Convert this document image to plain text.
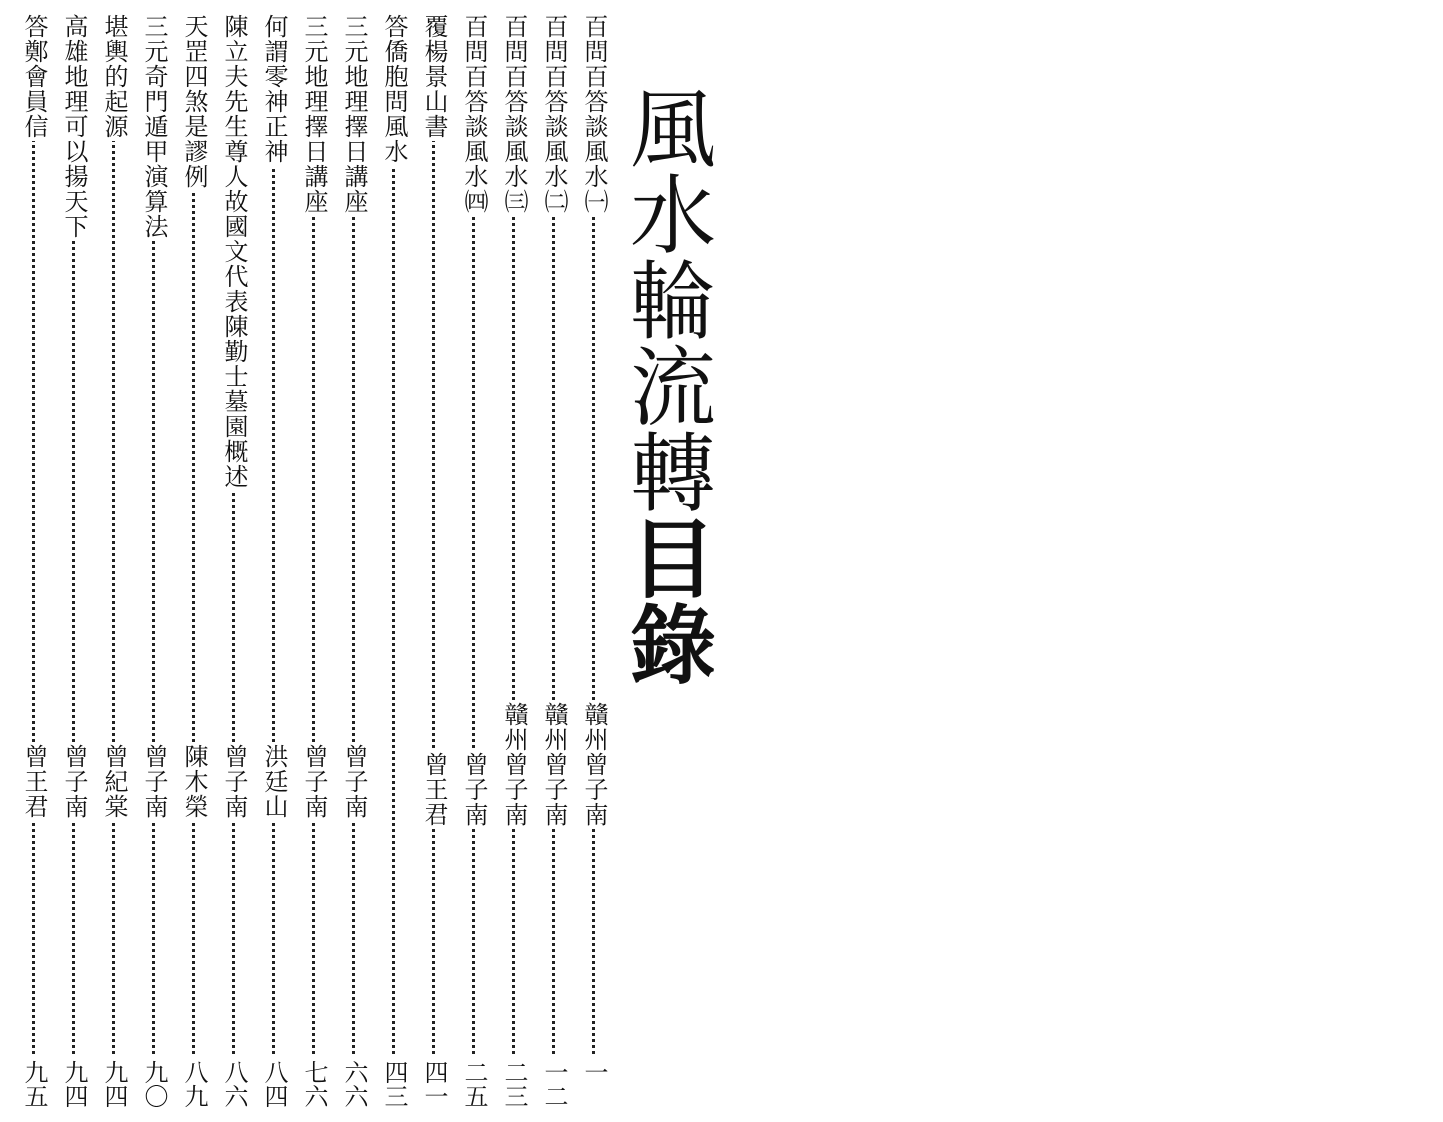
風水輪流轉目錄
百問百答談風水㈠
贛州曾子南
一
百問百答談風水㈡
贛州曾子南
一二
百問百答談風水㈢
贛州曾子南
二三
百問百答談風水㈣
曾子南
二五
覆楊景山書
曾王君
四一
答僑胞問風水
四三
三元地理擇日講座
曾子南
六六
三元地理擇日講座
曾子南
七六
何謂零神正神
洪廷山
八四
陳立夫先生尊人故國文代表陳勤士墓園概述
曾子南
八六
天罡四煞是謬例
陳木榮
八九
三元奇門遁甲演算法
曾子南
九〇
堪輿的起源
曾紀棠
九四
高雄地理可以揚天下
曾子南
九四
答鄭會員信
曾王君
九五
